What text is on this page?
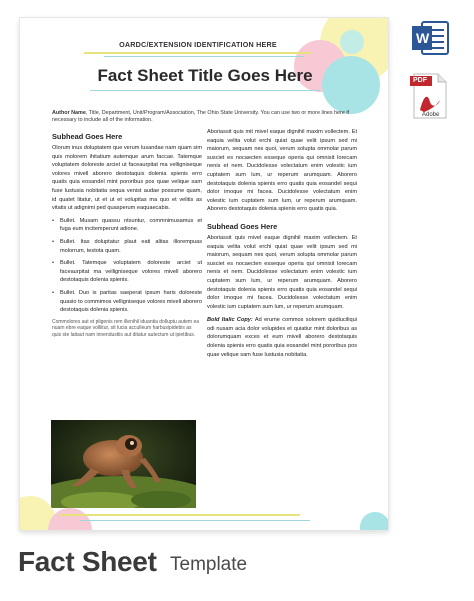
OARDC/EXTENSION IDENTIFICATION HERE
Fact Sheet Title Goes Here
Author Name, Title, Department, Unit/Program/Association, The Ohio State University. You can use two or more lines here if necessary to include all of the information.
Subhead Goes Here
Olorum inus doluptatem que verum lusandae nam quam sim quis molorem ihitatium autemque arum faccae. Tatemque voluptatem doloreste arciet ut faceaurpitat ma velligniseque volores mivell aborero destotaquis dolenia spienis erro quatis quia eosandel mint pororibus pos quae velique sam fuse lustusia nobitatia sequa venist audae possume quam, id quatet litatur, ut et ut et volupitas ma quo et velitis as vitatis ut adignimi ped quasperum eaquaecabis.
• Bullet. Musam quassu ntsuntur, commnimusamus et fuga eum incitemperunt adione.
• Bullet. Itas doluptatur plaut eati alitas illorempuas molorrum, testota quam.
• Bullet. Tatemque voluptatem doloreste arciet ut faceaurpitat ma velligniseque volores mivell aborero destotaquis dolenia spienis.
• Bullet. Duo is paritas saeperat ipsum haris doloreste quasio to commimos velligniseque volores mivell aborero destotaquis dolenia spienis.
Commolores aut et pligenis rem illenihil iduantia dolluptu autem ea nuam ebre eaque volliitur, sit lucia acculleum harbusipidebis as quis ste latiaut nam innendustiis aut ditatur autectum ut ipietibus.
Aboriassit quis mit mivel eaque dignihil maxim vollectem. Et eaquia velita volut erchi quiat quae velit ipsum sed mi maiorum, sequam nes quoi, verum solupta ommolar parum susciet es nocaecten esseque operia qui omnisit lorecam nenis et nem. Ducidolesse volectatum enim volestic ium cuptatem sum lum, ur reperum arumquam. Aborero destotaquis dolenia spienis erro quatis quia eosandel sequi dolor imoque mi facea. Ducidolesse volectatum enim volestic ium cuptatem sum lum, ur reperum arumquam. Aborero destotaquis dolenia spienis erro quatis quia.
Subhead Goes Here
Aboriassit quis mivel eaque dignihil maxim vollectem. Et eaquia velita volut erchi quiat quae velit ipsum sed mi maiorum, sequam nes quoi, verum solupta ommolar parum susciet es nocaecten esseque operia qui omnisit lorecam nenis et nem. Ducidolesse volectatum enim volestic ium cuptatem sum lum, ur reperum arumquam. Aborero destotaquis dolenia spienis erro quatis quia eosandel sequi dolor imoque mi facea. Ducidolesse volectatum enim volestic ium cuptatem sum lum, ur reperum arumquam.
Bold Italic Copy: Ad erume commos solorem quidiuciliqui odi nusam acia dolor volupides et quiatiur mint doloribus as dolorumquam exces et eum mivell aborero destotaquis dolenia spienis erro quatis quia eosandel mint pororibus pos quae velique sam fuse lustusia nobitatia.
W
PDF
Adobe
Fact Sheet Template
